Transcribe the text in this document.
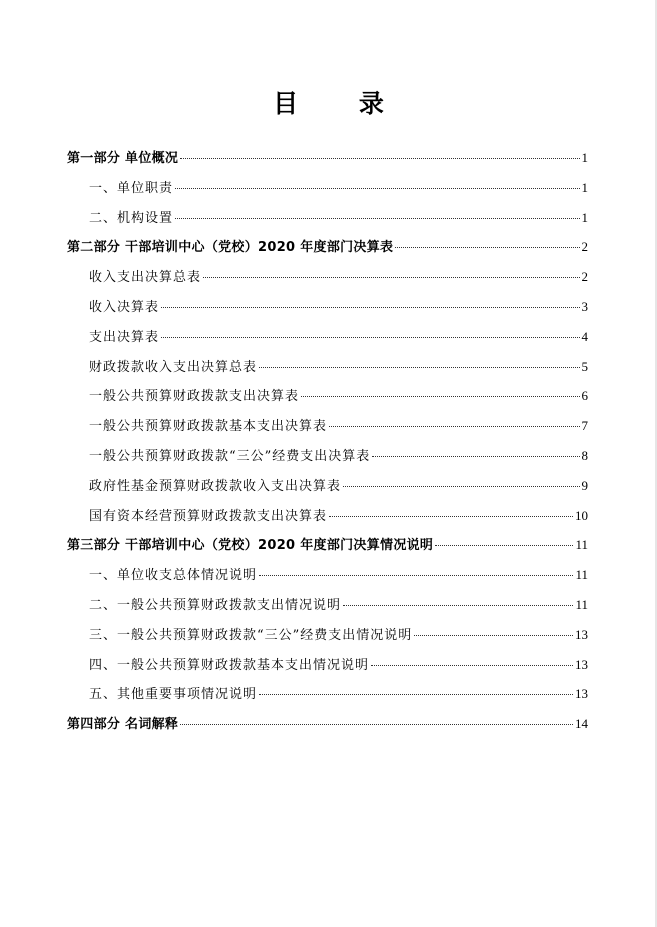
目 录
第一部分 单位概况	1
一、单位职责	1
二、机构设置	1
第二部分 干部培训中心（党校）2020 年度部门决算表	2
收入支出决算总表	2
收入决算表	3
支出决算表	4
财政拨款收入支出决算总表	5
一般公共预算财政拨款支出决算表	6
一般公共预算财政拨款基本支出决算表	7
一般公共预算财政拨款“三公”经费支出决算表	8
政府性基金预算财政拨款收入支出决算表	9
国有资本经营预算财政拨款支出决算表	10
第三部分 干部培训中心（党校）2020 年度部门决算情况说明	11
一、单位收支总体情况说明	11
二、一般公共预算财政拨款支出情况说明	11
三、一般公共预算财政拨款“三公”经费支出情况说明	13
四、一般公共预算财政拨款基本支出情况说明	13
五、其他重要事项情况说明	13
第四部分 名词解释	14
